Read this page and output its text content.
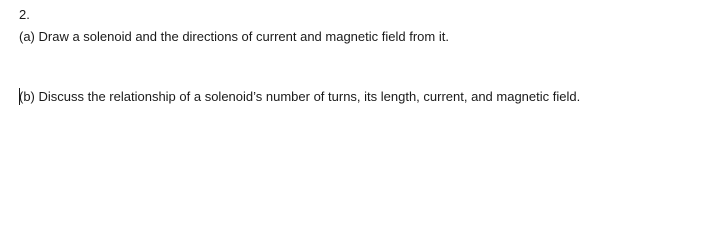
2.
(a) Draw a solenoid and the directions of current and magnetic field from it.
(b) Discuss the relationship of a solenoid’s number of turns, its length, current, and magnetic field.
